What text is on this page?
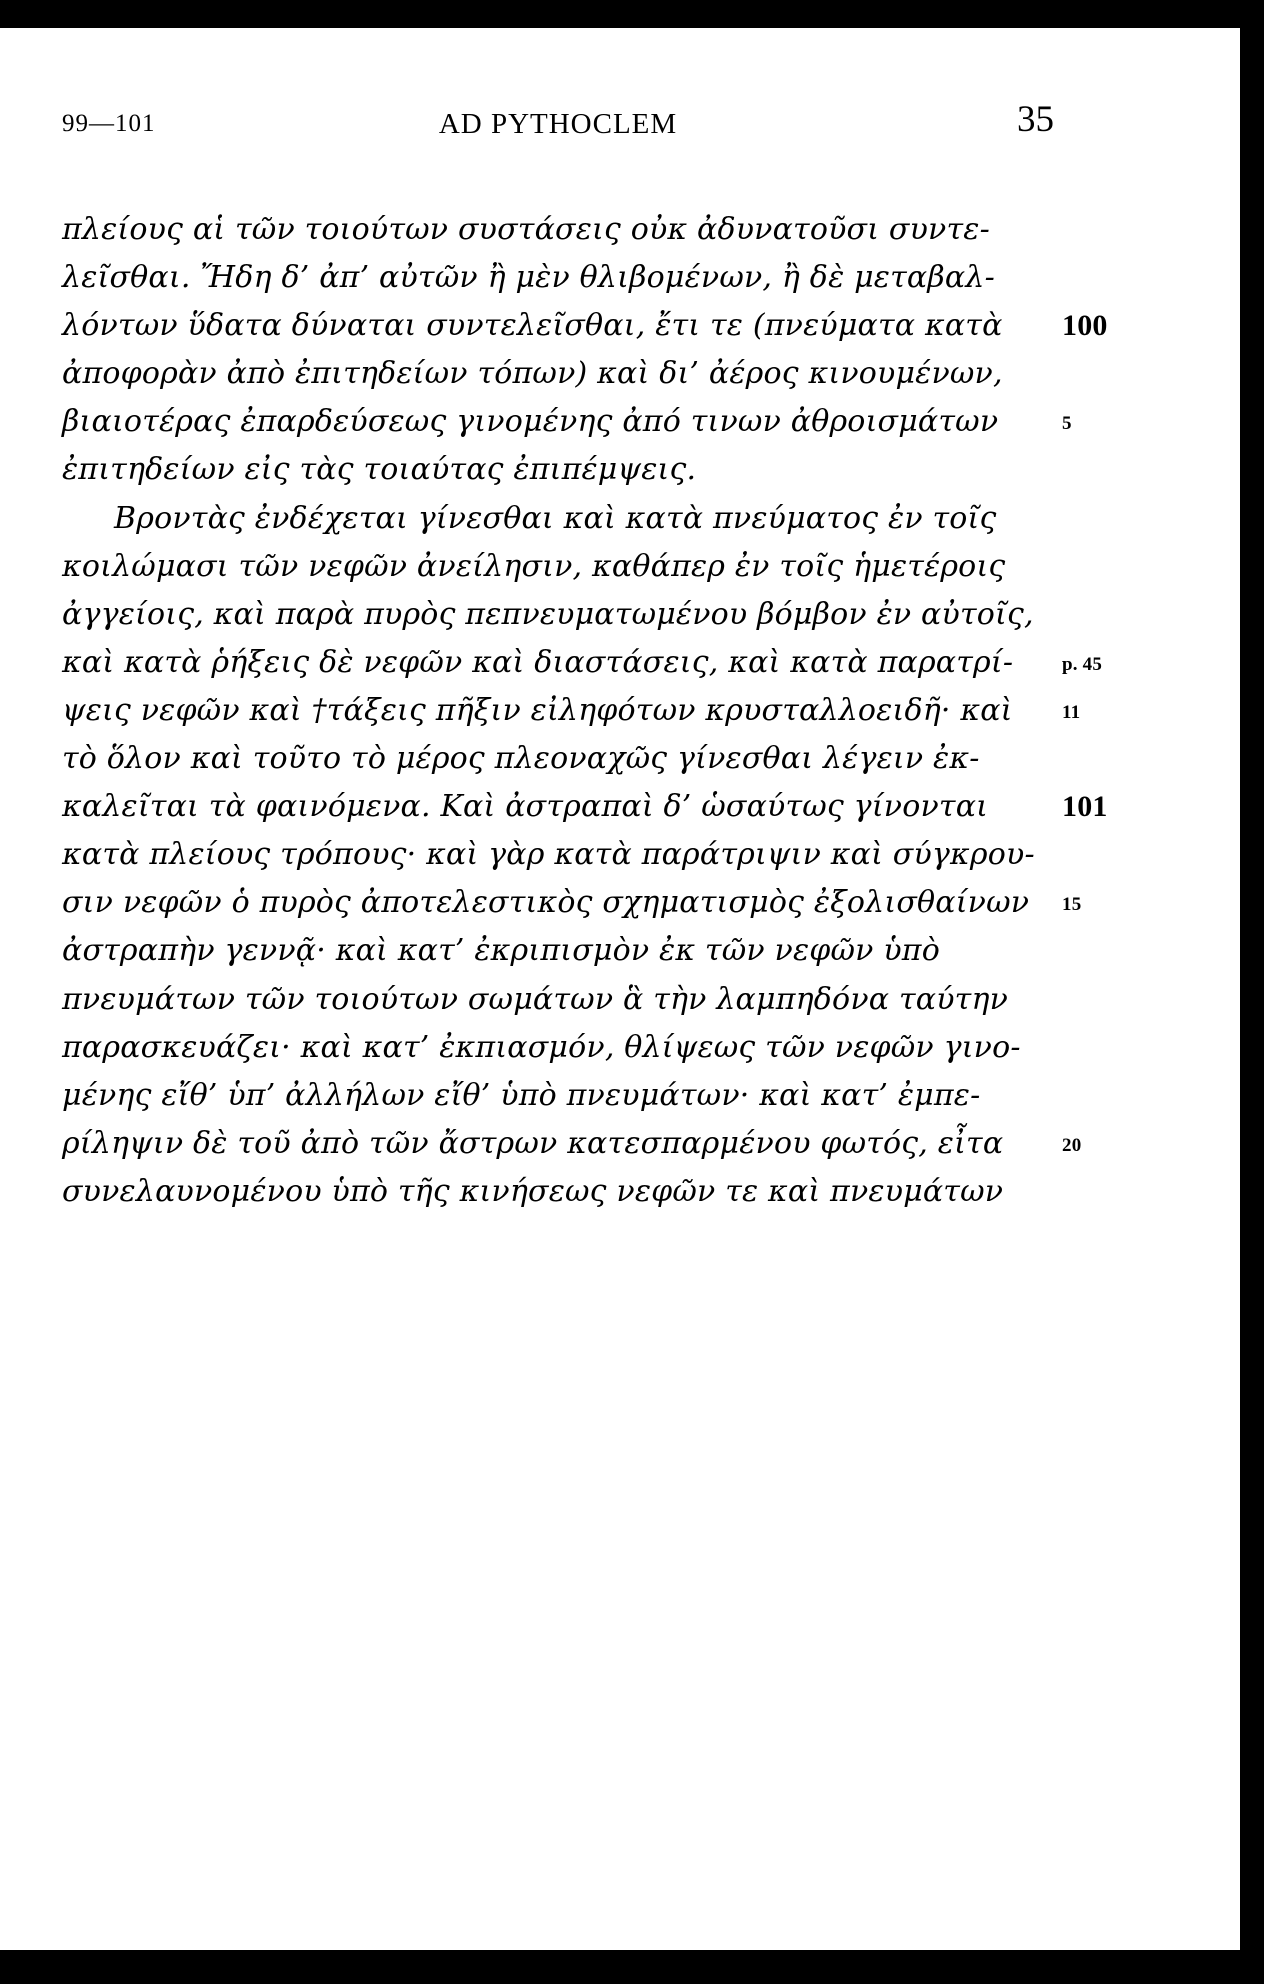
99—101	AD PYTHOCLEM	35
πλείους αἱ τῶν τοιούτων συστάσεις οὐκ ἀδυνατοῦσι συντε-
λεῖσθαι. Ἤδη δ’ ἀπ’ αὐτῶν ἢ μὲν θλιβομένων, ἢ δὲ μεταβαλ-
λόντων ὕδατα δύναται συντελεῖσθαι, ἔτι τε (πνεύματα κατὰ 100
ἀποφορὰν ἀπὸ ἐπιτηδείων τόπων) καὶ δι’ ἀέρος κινουμένων,
βιαιοτέρας ἐπαρδεύσεως γινομένης ἀπό τινων ἀθροισμάτων	5
ἐπιτηδείων εἰς τὰς τοιαύτας ἐπιπέμψεις.
Βροντὰς ἐνδέχεται γίνεσθαι καὶ κατὰ πνεύματος ἐν τοῖς
κοιλώμασι τῶν νεφῶν ἀνείλησιν, καθάπερ ἐν τοῖς ἡμετέροις
ἀγγείοις, καὶ παρὰ πυρὸς πεπνευματωμένου βόμβον ἐν αὐτοῖς,
καὶ κατὰ ῥήξεις δὲ νεφῶν καὶ διαστάσεις, καὶ κατὰ παρατρί-	p. 45
ψεις νεφῶν καὶ †τάξεις πῆξιν εἰληφότων κρυσταλλοειδῆ· καὶ	11
τὸ ὅλον καὶ τοῦτο τὸ μέρος πλεοναχῶς γίνεσθαι λέγειν ἐκ-
καλεῖται τὰ φαινόμενα. Καὶ ἀστραπαὶ δ’ ὡσαύτως γίνονται 101
κατὰ πλείους τρόπους· καὶ γὰρ κατὰ παράτριψιν καὶ σύγκρου-
σιν νεφῶν ὁ πυρὸς ἀποτελεστικὸς σχηματισμὸς ἐξολισθαίνων 15
ἀστραπὴν γεννᾷ· καὶ κατ’ ἐκριπισμὸν ἐκ τῶν νεφῶν ὑπὸ
πνευμάτων τῶν τοιούτων σωμάτων ἃ τὴν λαμπηδόνα ταύτην
παρασκευάζει· καὶ κατ’ ἐκπιασμόν, θλίψεως τῶν νεφῶν γινο-
μένης εἴθ’ ὑπ’ ἀλλήλων εἴθ’ ὑπὸ πνευμάτων· καὶ κατ’ ἐμπε-
ρίληψιν δὲ τοῦ ἀπὸ τῶν ἄστρων κατεσπαρμένου φωτός, εἶτα	20
συνελαυνομένου ὑπὸ τῆς κινήσεως νεφῶν τε καὶ πνευμάτων
